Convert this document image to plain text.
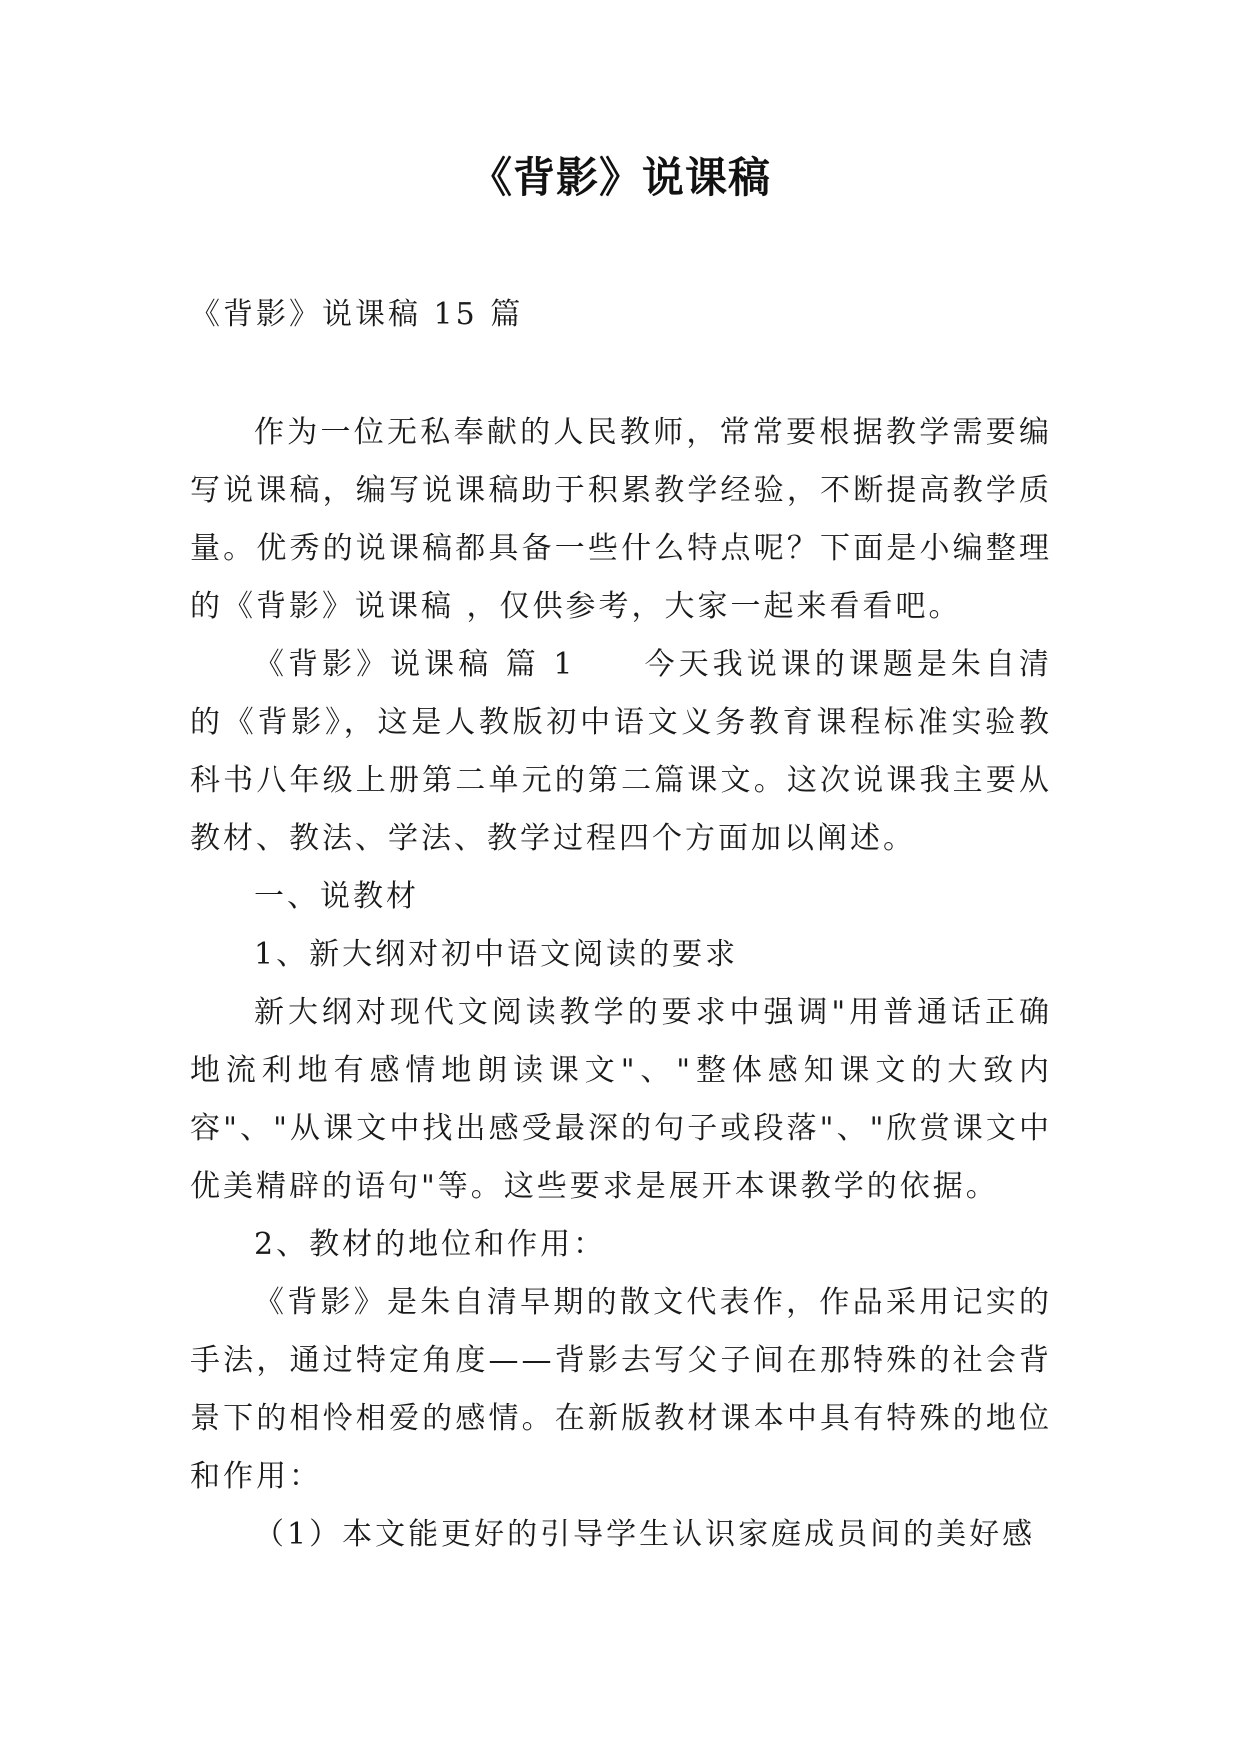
《背影》说课稿
《背影》说课稿 15 篇

作为一位无私奉献的人民教师，常常要根据教学需要编写说课稿，编写说课稿助于积累教学经验，不断提高教学质量。优秀的说课稿都具备一些什么特点呢？下面是小编整理的《背影》说课稿 ，仅供参考，大家一起来看看吧。

《背影》说课稿 篇 1　　今天我说课的课题是朱自清的《背影》，这是人教版初中语文义务教育课程标准实验教科书八年级上册第二单元的第二篇课文。这次说课我主要从教材、教法、学法、教学过程四个方面加以阐述。

一、说教材

1、新大纲对初中语文阅读的要求

新大纲对现代文阅读教学的要求中强调"用普通话正确地流利地有感情地朗读课文"、"整体感知课文的大致内容"、"从课文中找出感受最深的句子或段落"、"欣赏课文中优美精辟的语句"等。这些要求是展开本课教学的依据。

2、教材的地位和作用：

《背影》是朱自清早期的散文代表作，作品采用记实的手法，通过特定角度——背影去写父子间在那特殊的社会背景下的相怜相爱的感情。在新版教材课本中具有特殊的地位和作用：

（1）本文能更好的引导学生认识家庭成员间的美好感
